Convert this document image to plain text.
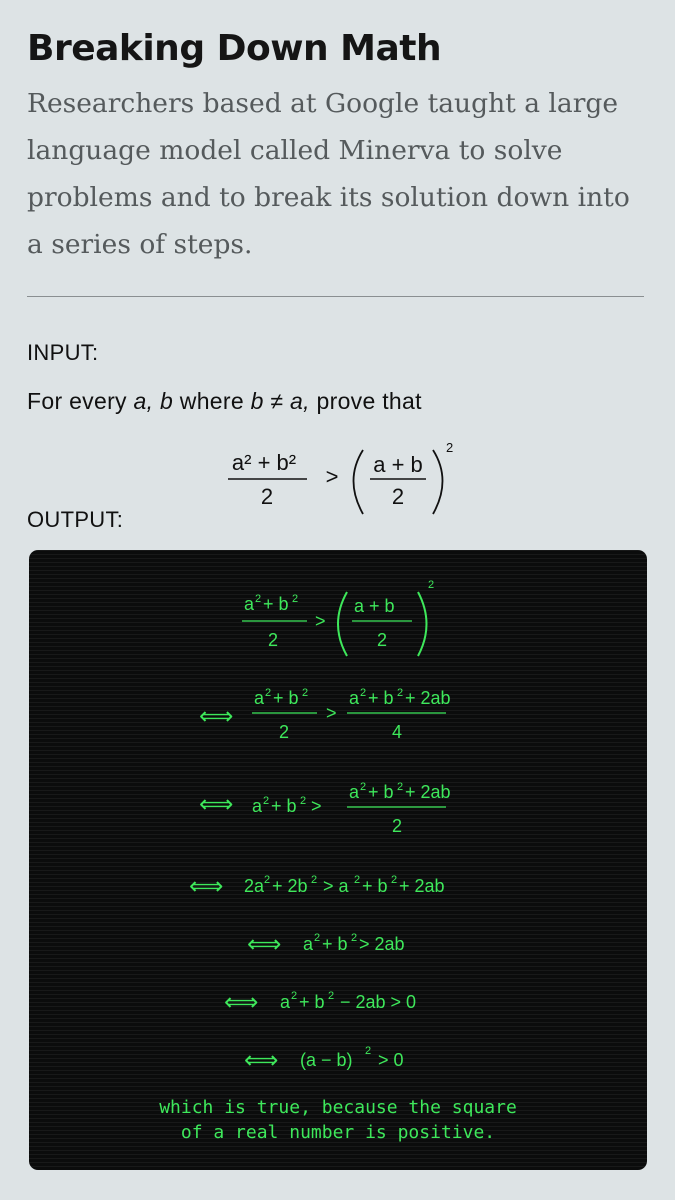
Breaking Down Math
Researchers based at Google taught a large
language model called Minerva to solve
problems and to break its solution down into
a series of steps.
INPUT:
For every a, b where b ≠ a, prove that
a² + b²
2
> a + b
2
2
OUTPUT:
a 2 + b 2
2
>
a + b
2
2
⟺
a 2 + b 2
2
>
a 2 + b 2 + 2ab
4
⟺ a 2 + b 2 >
a 2 + b 2 + 2ab
2
⟺ 2a 2 + 2b 2 > a 2 + b 2 + 2ab
⟺ a 2 + b 2 > 2ab
⟺ a 2 + b 2 − 2ab > 0
⟺ (a − b) 2 > 0
which is true, because the square
of a real number is positive.
